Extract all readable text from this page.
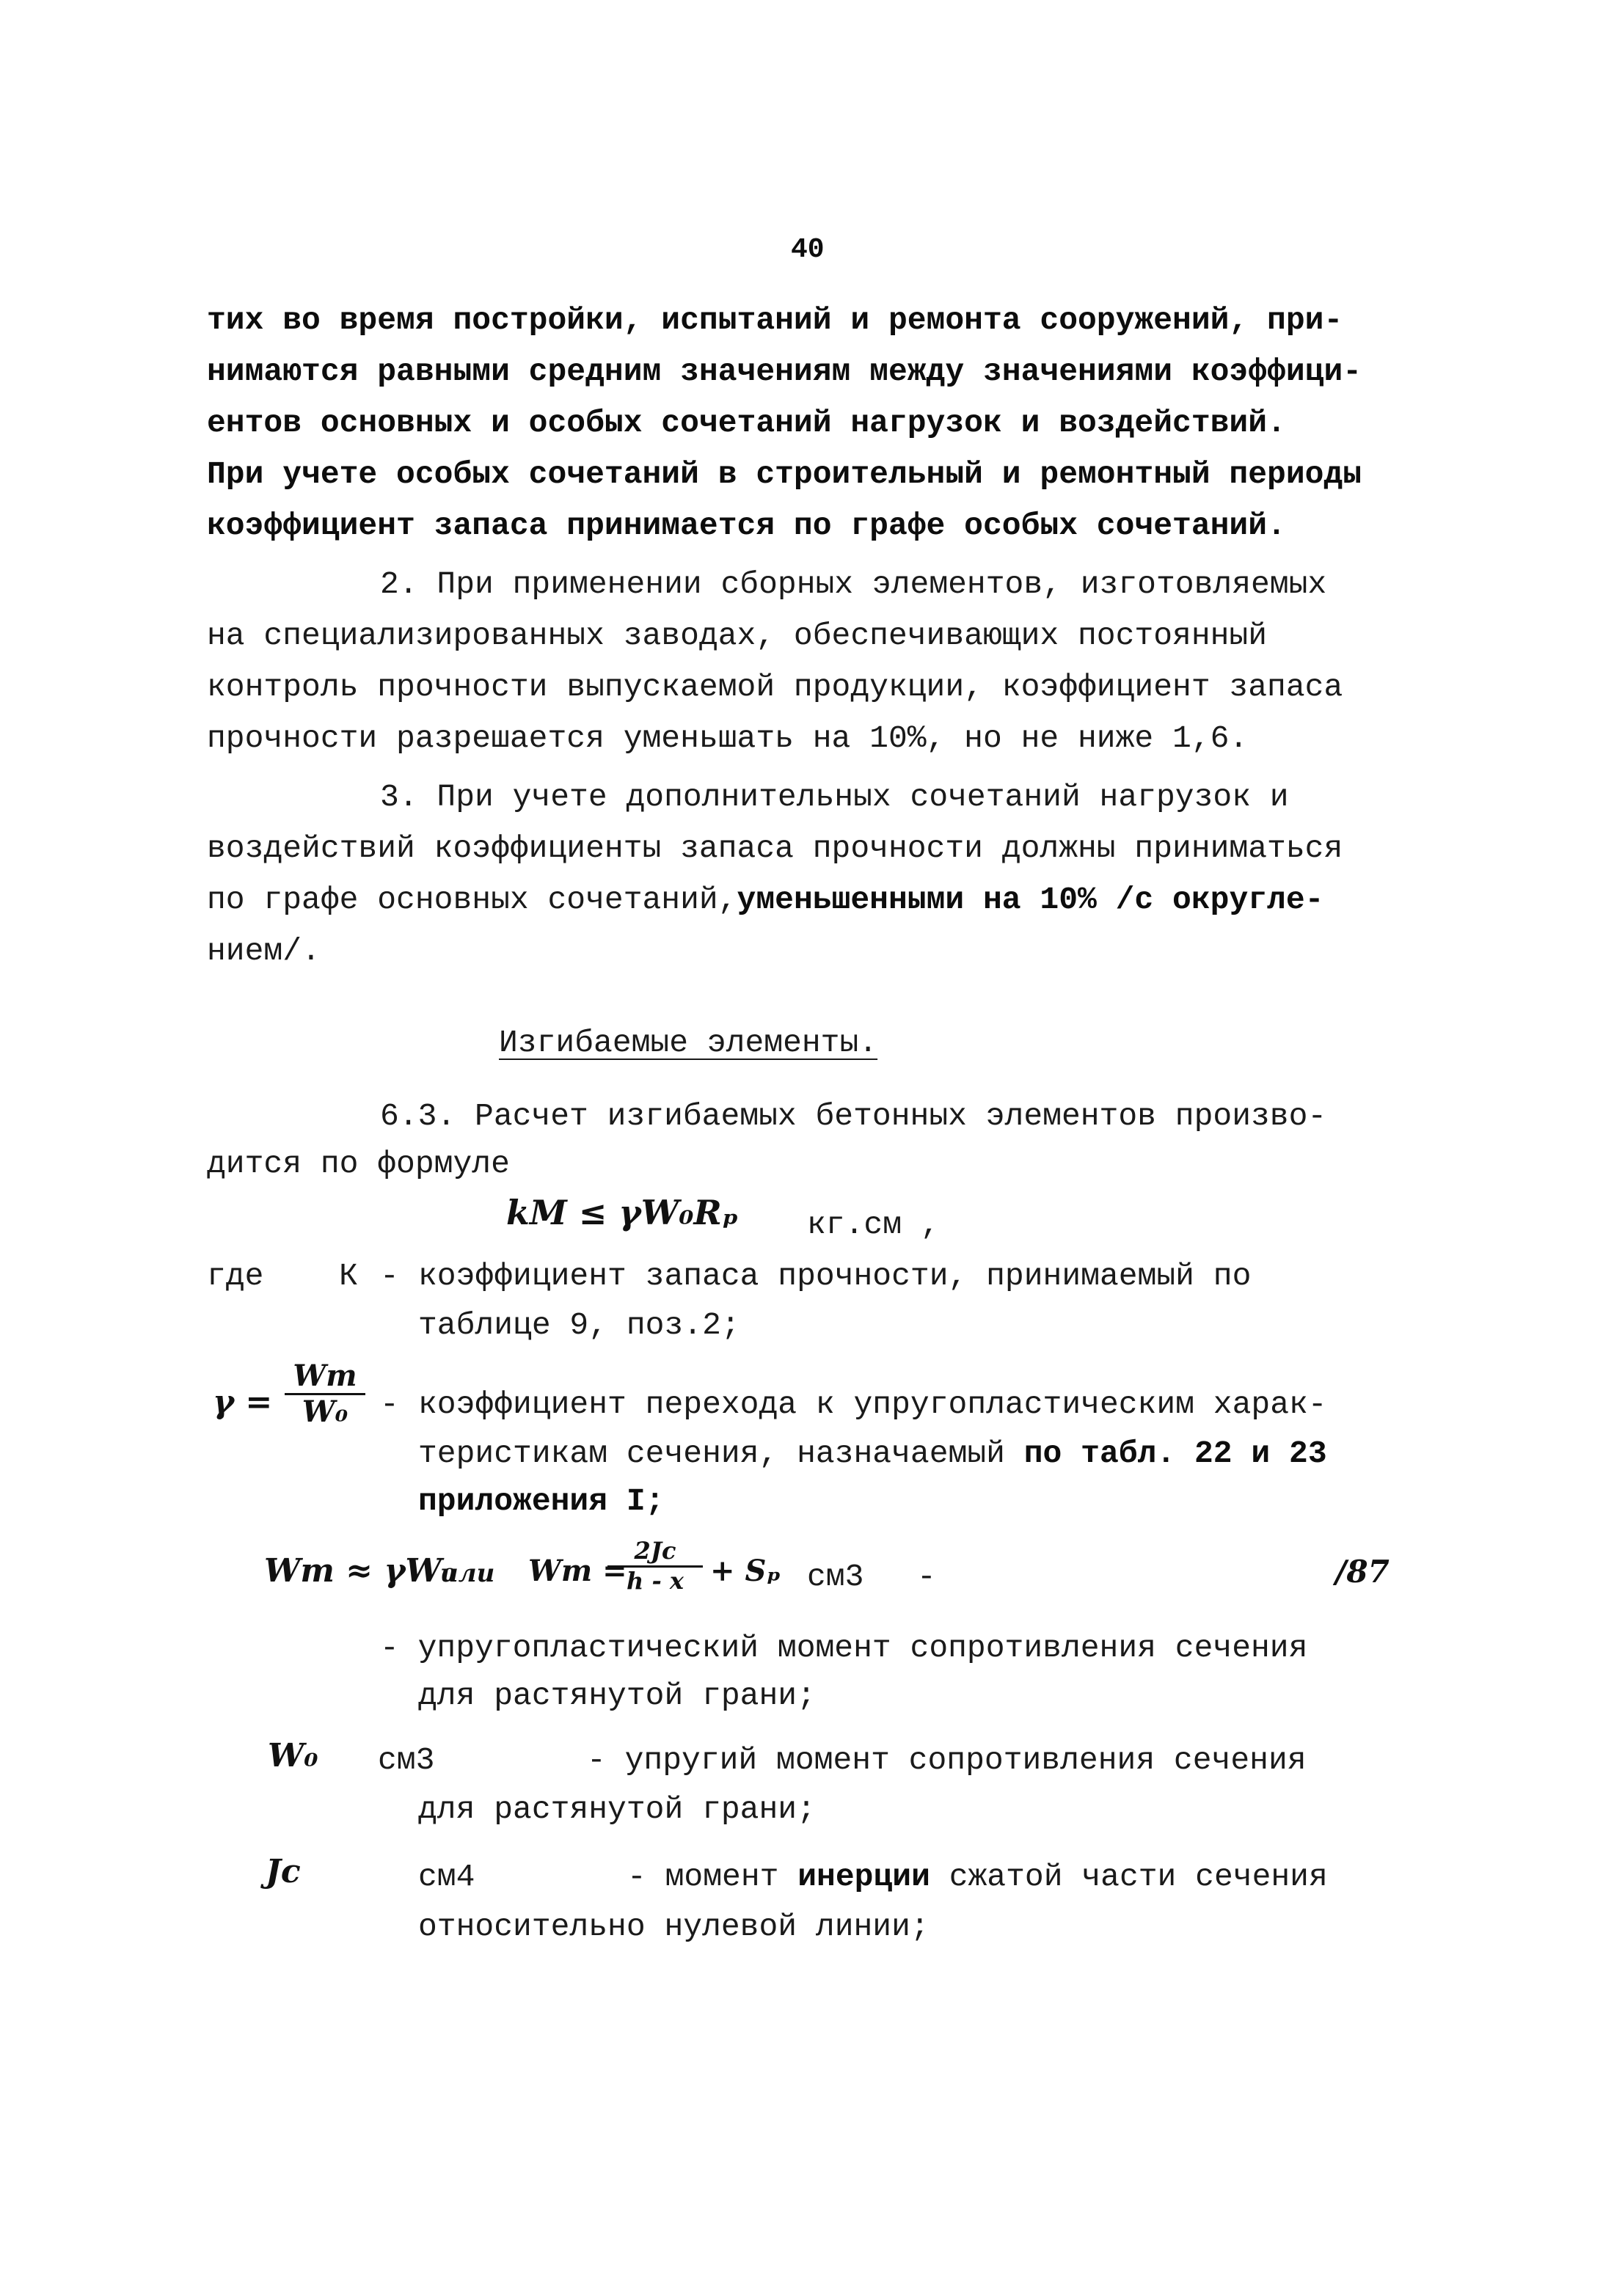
40
тих во время постройки, испытаний и ремонта сооружений, при-
нимаются равными средним значениям между значениями коэффици-
ентов основных и особых сочетаний нагрузок и воздействий.
При учете особых сочетаний в строительный и ремонтный периоды
коэффициент запаса принимается по графе особых сочетаний.
2. При применении сборных элементов, изготовляемых
на специализированных заводах, обеспечивающих постоянный
контроль прочности выпускаемой продукции, коэффициент запаса
прочности разрешается уменьшать на 10%, но не ниже 1,6.
3. При учете дополнительных сочетаний нагрузок и
воздействий коэффициенты запаса прочности должны приниматься
по графе основных сочетаний,уменьшенными на 10% /с округле-
нием/.
Изгибаемые элементы.
6.3. Расчет изгибаемых бетонных элементов произво-
дится по формуле
kM ≤ γW₀Rₚ кг.см ,
где К - коэффициент запаса прочности, принимаемый по
таблице 9, поз.2;
γ =
Wт
W₀	- коэффициент перехода к упругопластическим харак-
теристикам сечения, назначаемый по табл. 22 и 23
приложения I;
Wт ≈ γW₀
или Wт =
2Jс
h - x + Sₚ см3 -	/87
- упругопластический момент сопротивления сечения
для растянутой грани;
W₀ см3	- упругий момент сопротивления сечения
для растянутой грани;
Jс	см4	- момент инерции сжатой части сечения
относительно нулевой линии;
